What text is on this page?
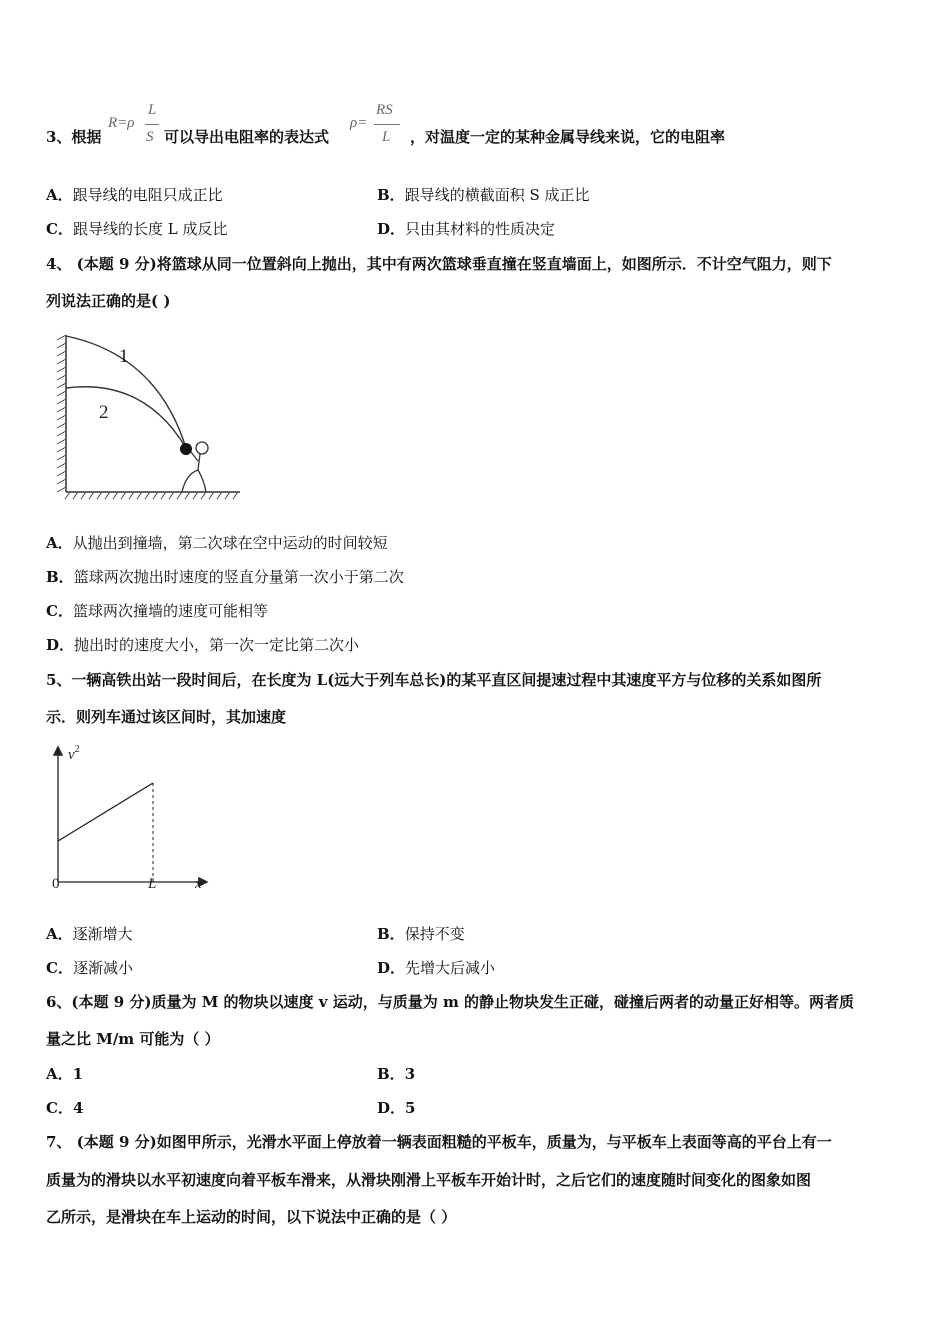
3、根据
R=ρ
L
S 可以导出电阻率的表达式
ρ=
RS
L ，对温度一定的某种金属导线来说，它的电阻率
A．跟导线的电阻只成正比	B．跟导线的横截面积 S 成正比
C．跟导线的长度 L 成反比	D．只由其材料的性质决定
4、 (本题 9 分)将篮球从同一位置斜向上抛出，其中有两次篮球垂直撞在竖直墙面上，如图所示．不计空气阻力，则下
列说法正确的是( )
1
2
A．从抛出到撞墙，第二次球在空中运动的时间较短
B．篮球两次抛出时速度的竖直分量第一次小于第二次
C．篮球两次撞墙的速度可能相等
D．抛出时的速度大小，第一次一定比第二次小
5、一辆高铁出站一段时间后，在长度为 L(远大于列车总长)的某平直区间提速过程中其速度平方与位移的关系如图所
示．则列车通过该区间时，其加速度
$v^2$
0	L	x
A．逐渐增大	B．保持不变
C．逐渐减小	D．先增大后减小
6、(本题 9 分)质量为 M 的物块以速度 v 运动，与质量为 m 的静止物块发生正碰，碰撞后两者的动量正好相等。两者质
量之比 M/m 可能为（ ）
A．1	B．3
C．4	D．5
7、 (本题 9 分)如图甲所示，光滑水平面上停放着一辆表面粗糙的平板车，质量为，与平板车上表面等高的平台上有一
质量为的滑块以水平初速度向着平板车滑来，从滑块刚滑上平板车开始计时，之后它们的速度随时间变化的图象如图
乙所示，是滑块在车上运动的时间，以下说法中正确的是（ ）
